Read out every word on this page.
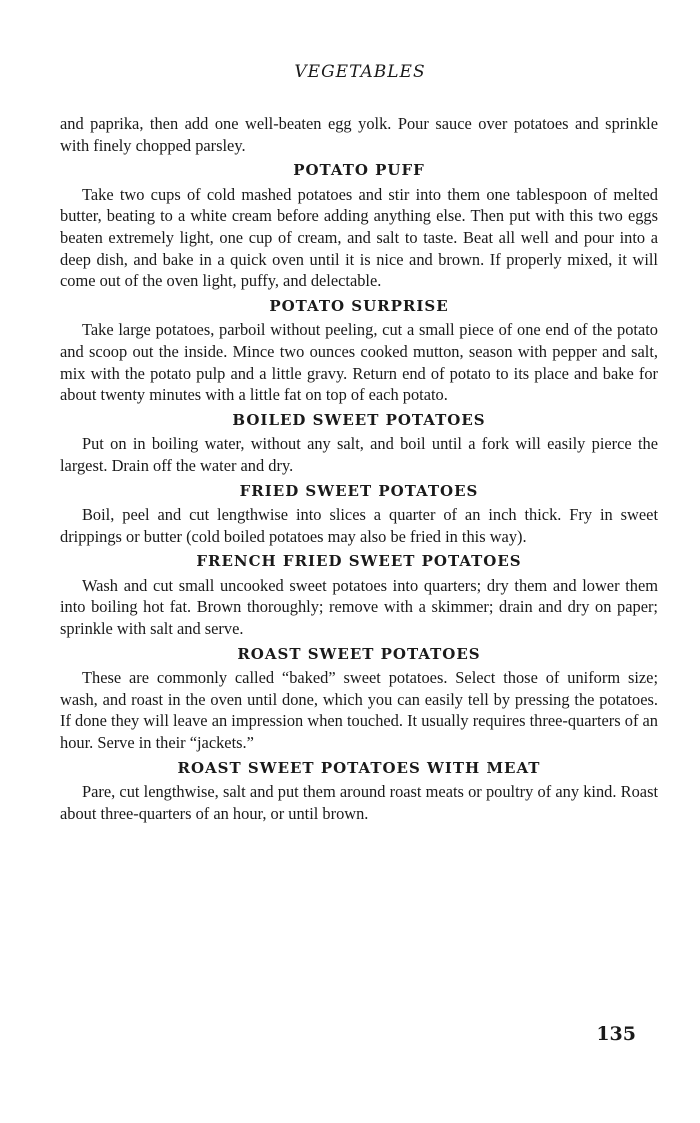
VEGETABLES

and paprika, then add one well-beaten egg yolk. Pour sauce over potatoes and sprinkle with finely chopped parsley.

POTATO PUFF

Take two cups of cold mashed potatoes and stir into them one tablespoon of melted butter, beating to a white cream before adding anything else. Then put with this two eggs beaten extremely light, one cup of cream, and salt to taste. Beat all well and pour into a deep dish, and bake in a quick oven until it is nice and brown. If properly mixed, it will come out of the oven light, puffy, and delectable.

POTATO SURPRISE

Take large potatoes, parboil without peeling, cut a small piece of one end of the potato and scoop out the inside. Mince two ounces cooked mutton, season with pepper and salt, mix with the potato pulp and a little gravy. Return end of potato to its place and bake for about twenty minutes with a little fat on top of each potato.

BOILED SWEET POTATOES

Put on in boiling water, without any salt, and boil until a fork will easily pierce the largest. Drain off the water and dry.

FRIED SWEET POTATOES

Boil, peel and cut lengthwise into slices a quarter of an inch thick. Fry in sweet drippings or butter (cold boiled potatoes may also be fried in this way).

FRENCH FRIED SWEET POTATOES

Wash and cut small uncooked sweet potatoes into quarters; dry them and lower them into boiling hot fat. Brown thoroughly; remove with a skimmer; drain and dry on paper; sprinkle with salt and serve.

ROAST SWEET POTATOES

These are commonly called “baked” sweet potatoes. Select those of uniform size; wash, and roast in the oven until done, which you can easily tell by pressing the potatoes. If done they will leave an impression when touched. It usually requires three-quarters of an hour. Serve in their “jackets.”

ROAST SWEET POTATOES WITH MEAT

Pare, cut lengthwise, salt and put them around roast meats or poultry of any kind. Roast about three-quarters of an hour, or until brown.

135
